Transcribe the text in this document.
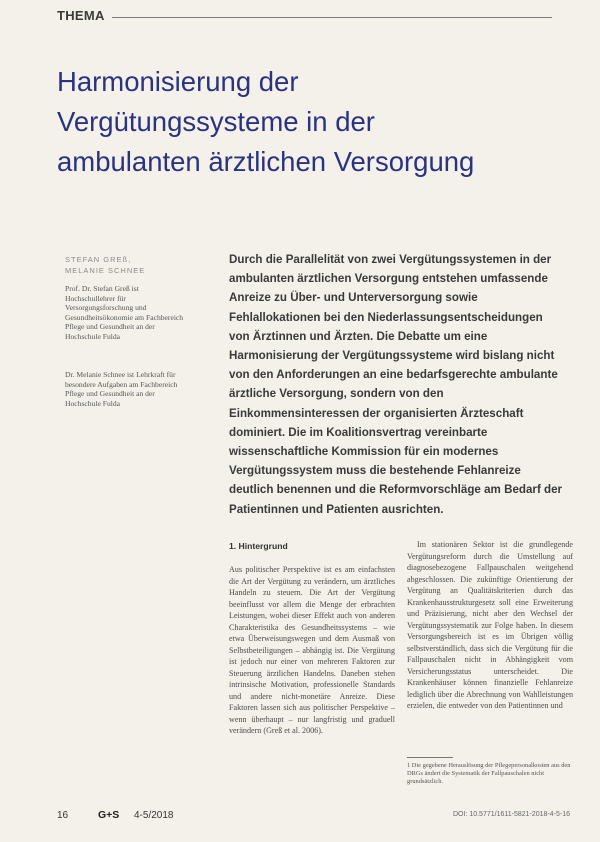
THEMA
Harmonisierung der
Vergütungssysteme in der
ambulanten ärztlichen Versorgung
STEFAN GREß,
MELANIE SCHNEE

Prof. Dr. Stefan Greß ist Hochschullehrer für Versorgungsforschung und Gesundheitsökonomie am Fachbereich Pflege und Gesundheit an der Hochschule Fulda

Dr. Melanie Schnee ist Lehrkraft für besondere Aufgaben am Fachbereich Pflege und Gesundheit an der Hochschule Fulda

Durch die Parallelität von zwei Vergütungssystemen in der ambulanten ärztlichen Versorgung entstehen umfassende Anreize zu Über- und Unterversorgung sowie Fehlallokationen bei den Niederlassungsentscheidungen von Ärztinnen und Ärzten. Die Debatte um eine Harmonisierung der Vergütungssysteme wird bislang nicht von den Anforderungen an eine bedarfsgerechte ambulante ärztliche Versorgung, sondern von den Einkommensinteressen der organisierten Ärzteschaft dominiert. Die im Koalitionsvertrag vereinbarte wissenschaftliche Kommission für ein modernes Vergütungssystem muss die bestehende Fehlanreize deutlich benennen und die Reformvorschläge am Bedarf der Patientinnen und Patienten ausrichten.

1. Hintergrund

Aus politischer Perspektive ist es am einfachsten die Art der Vergütung zu verändern, um ärztliches Handeln zu steuern. Die Art der Vergütung beeinflusst vor allem die Menge der erbrachten Leistungen, wobei dieser Effekt auch von anderen Charakteristika des Gesundheitssystems – wie etwa Überweisungswegen und dem Ausmaß von Selbstbeteiligungen – abhängig ist. Die Vergütung ist jedoch nur einer von mehreren Faktoren zur Steuerung ärztlichen Handelns. Daneben stehen intrinsische Motivation, professionelle Standards und andere nicht-monetäre Anreize. Diese Faktoren lassen sich aus politischer Perspektive – wenn überhaupt – nur langfristig und graduell verändern (Greß et al. 2006).

Im stationären Sektor ist die grundlegende Vergütungsreform durch die Umstellung auf diagnosebezogene Fallpauschalen weitgehend abgeschlossen. Die zukünftige Orientierung der Vergütung an Qualitätskriterien durch das Krankenhausstrukturgesetz soll eine Erweiterung und Präzisierung, nicht aber den Wechsel der Vergütungssystematik zur Folge haben. In diesem Versorgungsbereich ist es im Übrigen völlig selbstverständlich, dass sich die Vergütung für die Fallpauschalen nicht in Abhängigkeit vom Versicherungsstatus unterscheidet. Die Krankenhäuser können finanzielle Fehlanreize lediglich über die Abrechnung von Wahlleistungen erzielen, die entweder von den Patientinnen und

1 Die gegebene Herauslösung der Pflegepersonalkosten aus den DRGs ändert die Systematik der Fallpauschalen nicht grundsätzlich.

16	G+S 4-5/2018	DOI: 10.5771/1611-5821-2018-4-5-16
